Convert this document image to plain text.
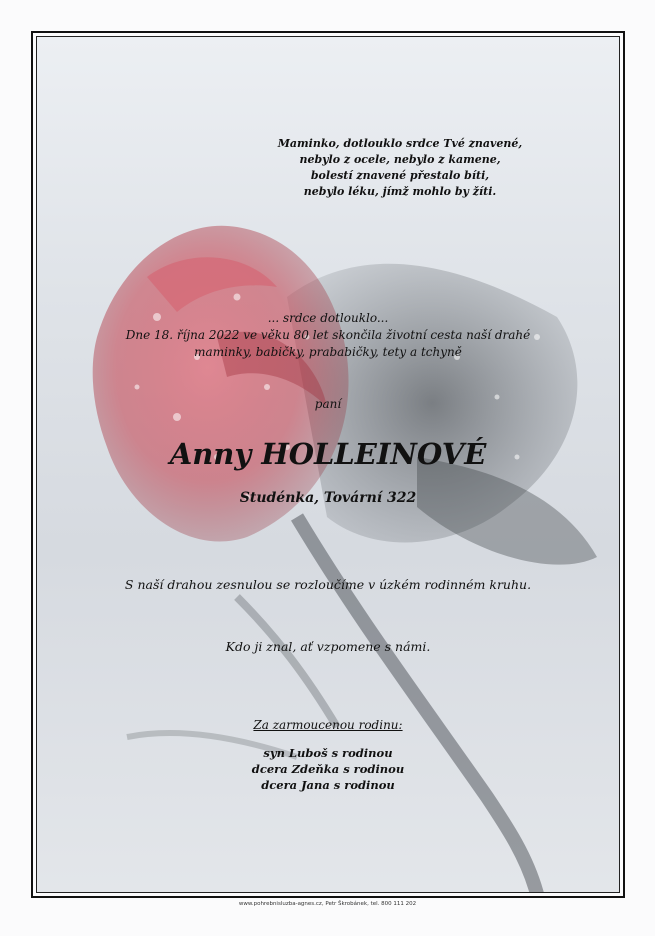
Maminko, dotlouklo srdce Tvé znavené,
nebylo z ocele, nebylo z kamene,
bolestí znavené přestalo bíti,
nebylo léku, jímž mohlo by žíti.
... srdce dotlouklo...
Dne 18. října 2022 ve věku 80 let skončila životní cesta naší drahé
maminky, babičky, prababičky, tety a tchyně
paní
Anny HOLLEINOVÉ
Studénka, Tovární 322
S naší drahou zesnulou se rozloučíme v úzkém rodinném kruhu.
Kdo ji znal, ať vzpomene s námi.
Za zarmoucenou rodinu:
syn Luboš s rodinou
dcera Zdeňka s rodinou
dcera Jana s rodinou
www.pohrebnisluzba-agnes.cz, Petr Škrobánek, tel. 800 111 202
